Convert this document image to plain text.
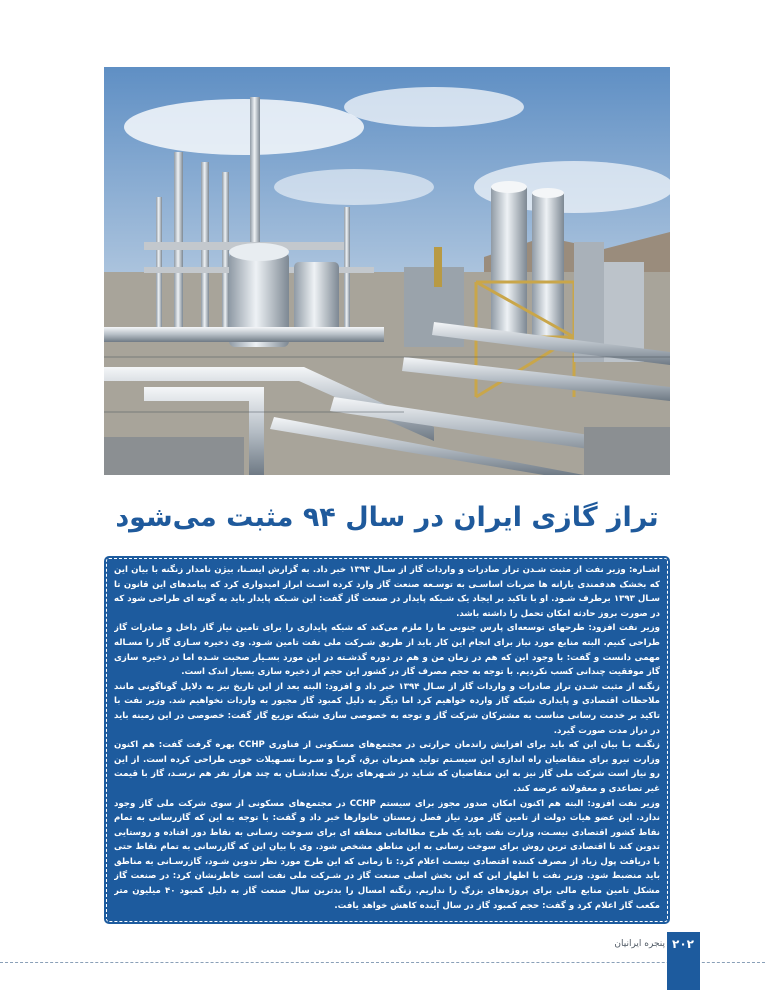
تراز گازی ایران در سال ۹۴ مثبت می‌شود

اشـاره: وزیر نفت از مثبت شـدن تراز صادرات و واردات گاز از سـال ۱۳۹۴ خبر داد. به گزارش ایسـنا، بیژن نامدار زنگنه با بیان این که بخشک هدفمندی یارانه ها ضربات اساسـی به توسـعه صنعت گاز وارد کرده اسـت ابراز امیدواری کرد که پیامدهای این قانون تا سـال ۱۳۹۳ برطرف شـود. او با تاکید بر ایجاد یک شـبکه پایدار در صنعت گاز گفت: این شـبکه پایدار باید به گونه ای طراحی شود که در صورت بروز حادثه امکان تحمل را داشته باشد.

وزیر نفت افزود: طرحهای توسعه‌ای پارس جنوبی ما را ملزم می‌کند که شبکه پایداری را برای تامین نیاز گاز داخل و صادرات گاز طراحی کنیم. البته منابع مورد نیاز برای انجام این کار باید از طریق شـرکت ملی نفت تامین شـود. وی ذخیره سـازی گاز را مسـاله مهمی دانست و گفت: با وجود این که هم در زمان من و هم در دوره گذشـته در این مورد بسـیار صحبت شـده اما در ذخیره سازی گاز موفقیت چندانی کسب نکردیم. با توجه به حجم مصرف گاز در کشور این حجم از ذخیره سازی بسیار اندک است.

زنگنه از مثبت شـدن تراز صادرات و واردات گاز از سـال ۱۳۹۴ خبر داد و افزود: البته بعد از این تاریخ نیز به دلایل گوناگونی مانند ملاحظات اقتصادی و پایداری شبکه گاز وارده خواهیم کرد اما دیگر به دلیل کمبود گاز مجبور به واردات نخواهیم شد. وزیر نفت با تاکید بر خدمت رسانی مناسب به مشترکان شرکت گاز و توجه به خصوصی سازی شبکه توزیع گاز گفت: خصوصی در این زمینه باید در دراز مدت صورت گیرد.

زنگنـه بـا بیان این که باید برای افزایش راندمان حرارتی در مجتمع‌های مسـکونی از فناوری CCHP بهره گرفت گفت: هم اکنون وزارت نیرو برای متقاضیان راه اندازی این سیسـتم تولید همزمان برق، گرما و سـرما تسـهیلات خوبی طراحی کرده است. از این رو نیاز است شرکت ملی گاز نیز به این متقاضیان که شـاید در شـهرهای بزرگ تعدادشـان به چند هزار نفر هم نرسـد، گاز با قیمت غیر تصاعدی و معقولانه عرضه کند.

وزیر نفت افزود: البته هم اکنون امکان صدور مجوز برای سیستم CCHP در مجتمع‌های مسکونی از سوی شرکت ملی گاز وجود ندارد. این عضو هیات دولت از تامین گاز مورد نیاز فصل زمستان خانوارها خبر داد و گفت: با توجه به این که گازرسانی به تمام نقاط کشور اقتصادی نیسـت، وزارت نفت باید یک طرح مطالعاتی منطقه ای برای سـوخت رسـانی به نقاط دور افتاده و روستایی تدوین کند تا اقتصادی ترین روش برای سوخت رسانی به این مناطق مشخص شود. وی با بیان این که گازرسانی به تمام نقاط حتی با دریافت پول زیاد از مصرف کننده اقتصادی نیسـت اعلام کرد: تا زمانی که این طرح مورد نظر تدوین شـود، گازرسـانی به مناطق باید منضبط شود. وزیر نفت با اظهار این که این بخش اصلی صنعت گاز در شـرکت ملی نفت است خاطرنشان کرد: در صنعت گاز مشکل تامین منابع مالی برای پروژه‌های بزرگ را نداریم. زنگنه امسال را بدترین سال صنعت گاز به دلیل کمبود ۴۰ میلیون متر مکعب گاز اعلام کرد و گفت: حجم کمبود گاز در سال آینده کاهش خواهد یافت.

پنجره ایرانیان ۲۰۲
